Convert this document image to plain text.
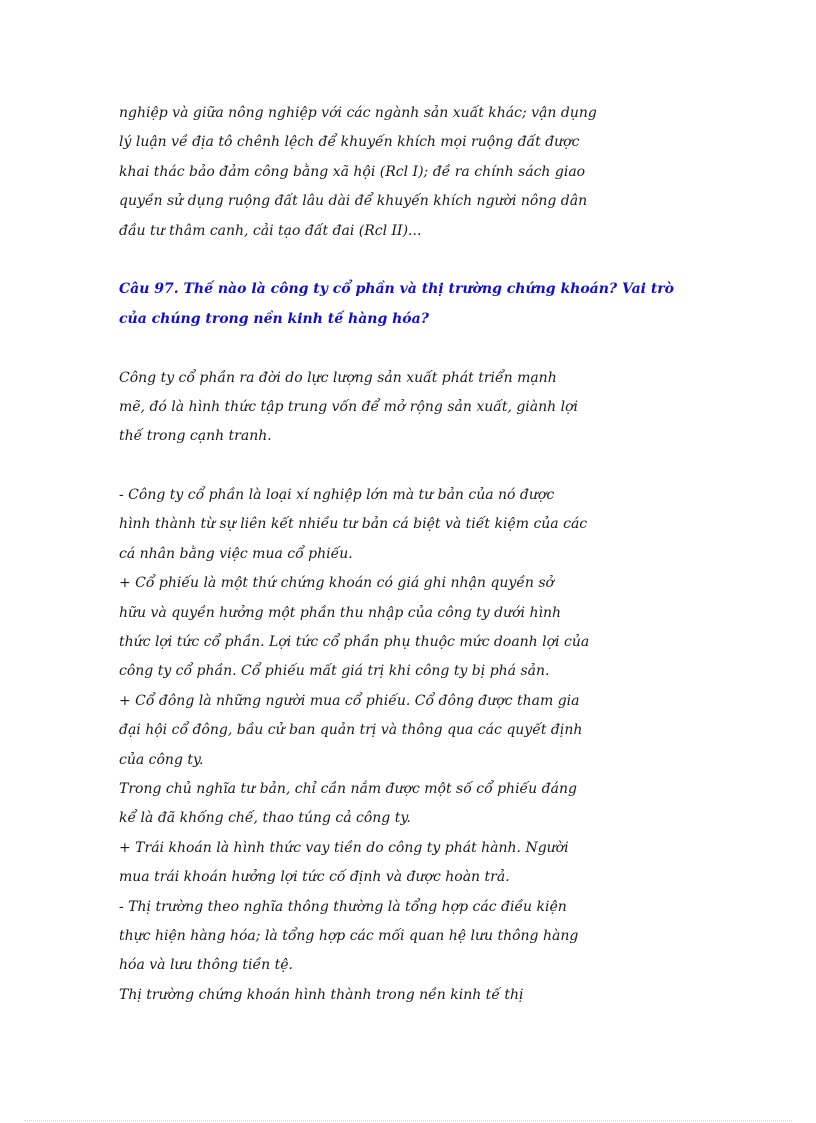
nghiệp và giữa nông nghiệp với các ngành sản xuất khác; vận dụng
lý luận về địa tô chênh lệch để khuyến khích mọi ruộng đất được
khai thác bảo đảm công bằng xã hội (Rcl I); đề ra chính sách giao
quyền sử dụng ruộng đất lâu dài để khuyến khích người nông dân
đầu tư thâm canh, cải tạo đất đai (Rcl II)...
Câu 97. Thế nào là công ty cổ phần và thị trường chứng khoán? Vai trò
của chúng trong nền kinh tế hàng hóa?
Công ty cổ phần ra đời do lực lượng sản xuất phát triển mạnh
mẽ, đó là hình thức tập trung vốn để mở rộng sản xuất, giành lợi
thế trong cạnh tranh.
- Công ty cổ phần là loại xí nghiệp lớn mà tư bản của nó được
hình thành từ sự liên kết nhiều tư bản cá biệt và tiết kiệm của các
cá nhân bằng việc mua cổ phiếu.
+ Cổ phiếu là một thứ chứng khoán có giá ghi nhận quyền sở
hữu và quyền hưởng một phần thu nhập của công ty dưới hình
thức lợi tức cổ phần. Lợi tức cổ phần phụ thuộc mức doanh lợi của
công ty cổ phần. Cổ phiếu mất giá trị khi công ty bị phá sản.
+ Cổ đông là những người mua cổ phiếu. Cổ đông được tham gia
đại hội cổ đông, bầu cử ban quản trị và thông qua các quyết định
của công ty.
Trong chủ nghĩa tư bản, chỉ cần nắm được một số cổ phiếu đáng
kể là đã khống chế, thao túng cả công ty.
+ Trái khoán là hình thức vay tiền do công ty phát hành. Người
mua trái khoán hưởng lợi tức cố định và được hoàn trả.
- Thị trường theo nghĩa thông thường là tổng hợp các điều kiện
thực hiện hàng hóa; là tổng hợp các mối quan hệ lưu thông hàng
hóa và lưu thông tiền tệ.
Thị trường chứng khoán hình thành trong nền kinh tế thị
